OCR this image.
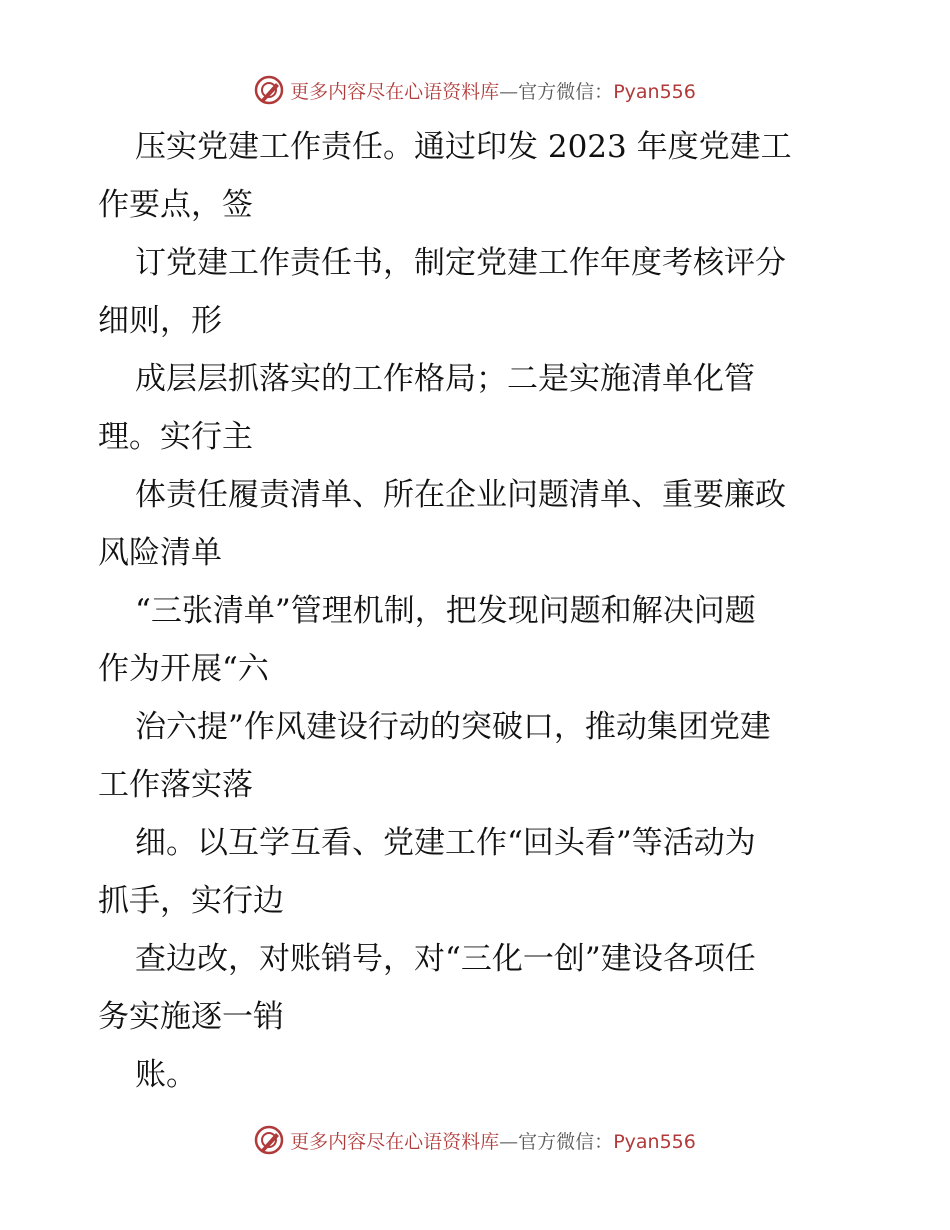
更多内容尽在心语资料库—官方微信：Pyan556
压实党建工作责任。通过印发 2023 年度党建工
作要点，签
订党建工作责任书，制定党建工作年度考核评分
细则，形
成层层抓落实的工作格局；二是实施清单化管
理。实行主
体责任履责清单、所在企业问题清单、重要廉政
风险清单
“三张清单”管理机制，把发现问题和解决问题
作为开展“六
治六提”作风建设行动的突破口，推动集团党建
工作落实落
细。以互学互看、党建工作“回头看”等活动为
抓手，实行边
查边改，对账销号，对“三化一创”建设各项任
务实施逐一销
账。
更多内容尽在心语资料库—官方微信：Pyan556
